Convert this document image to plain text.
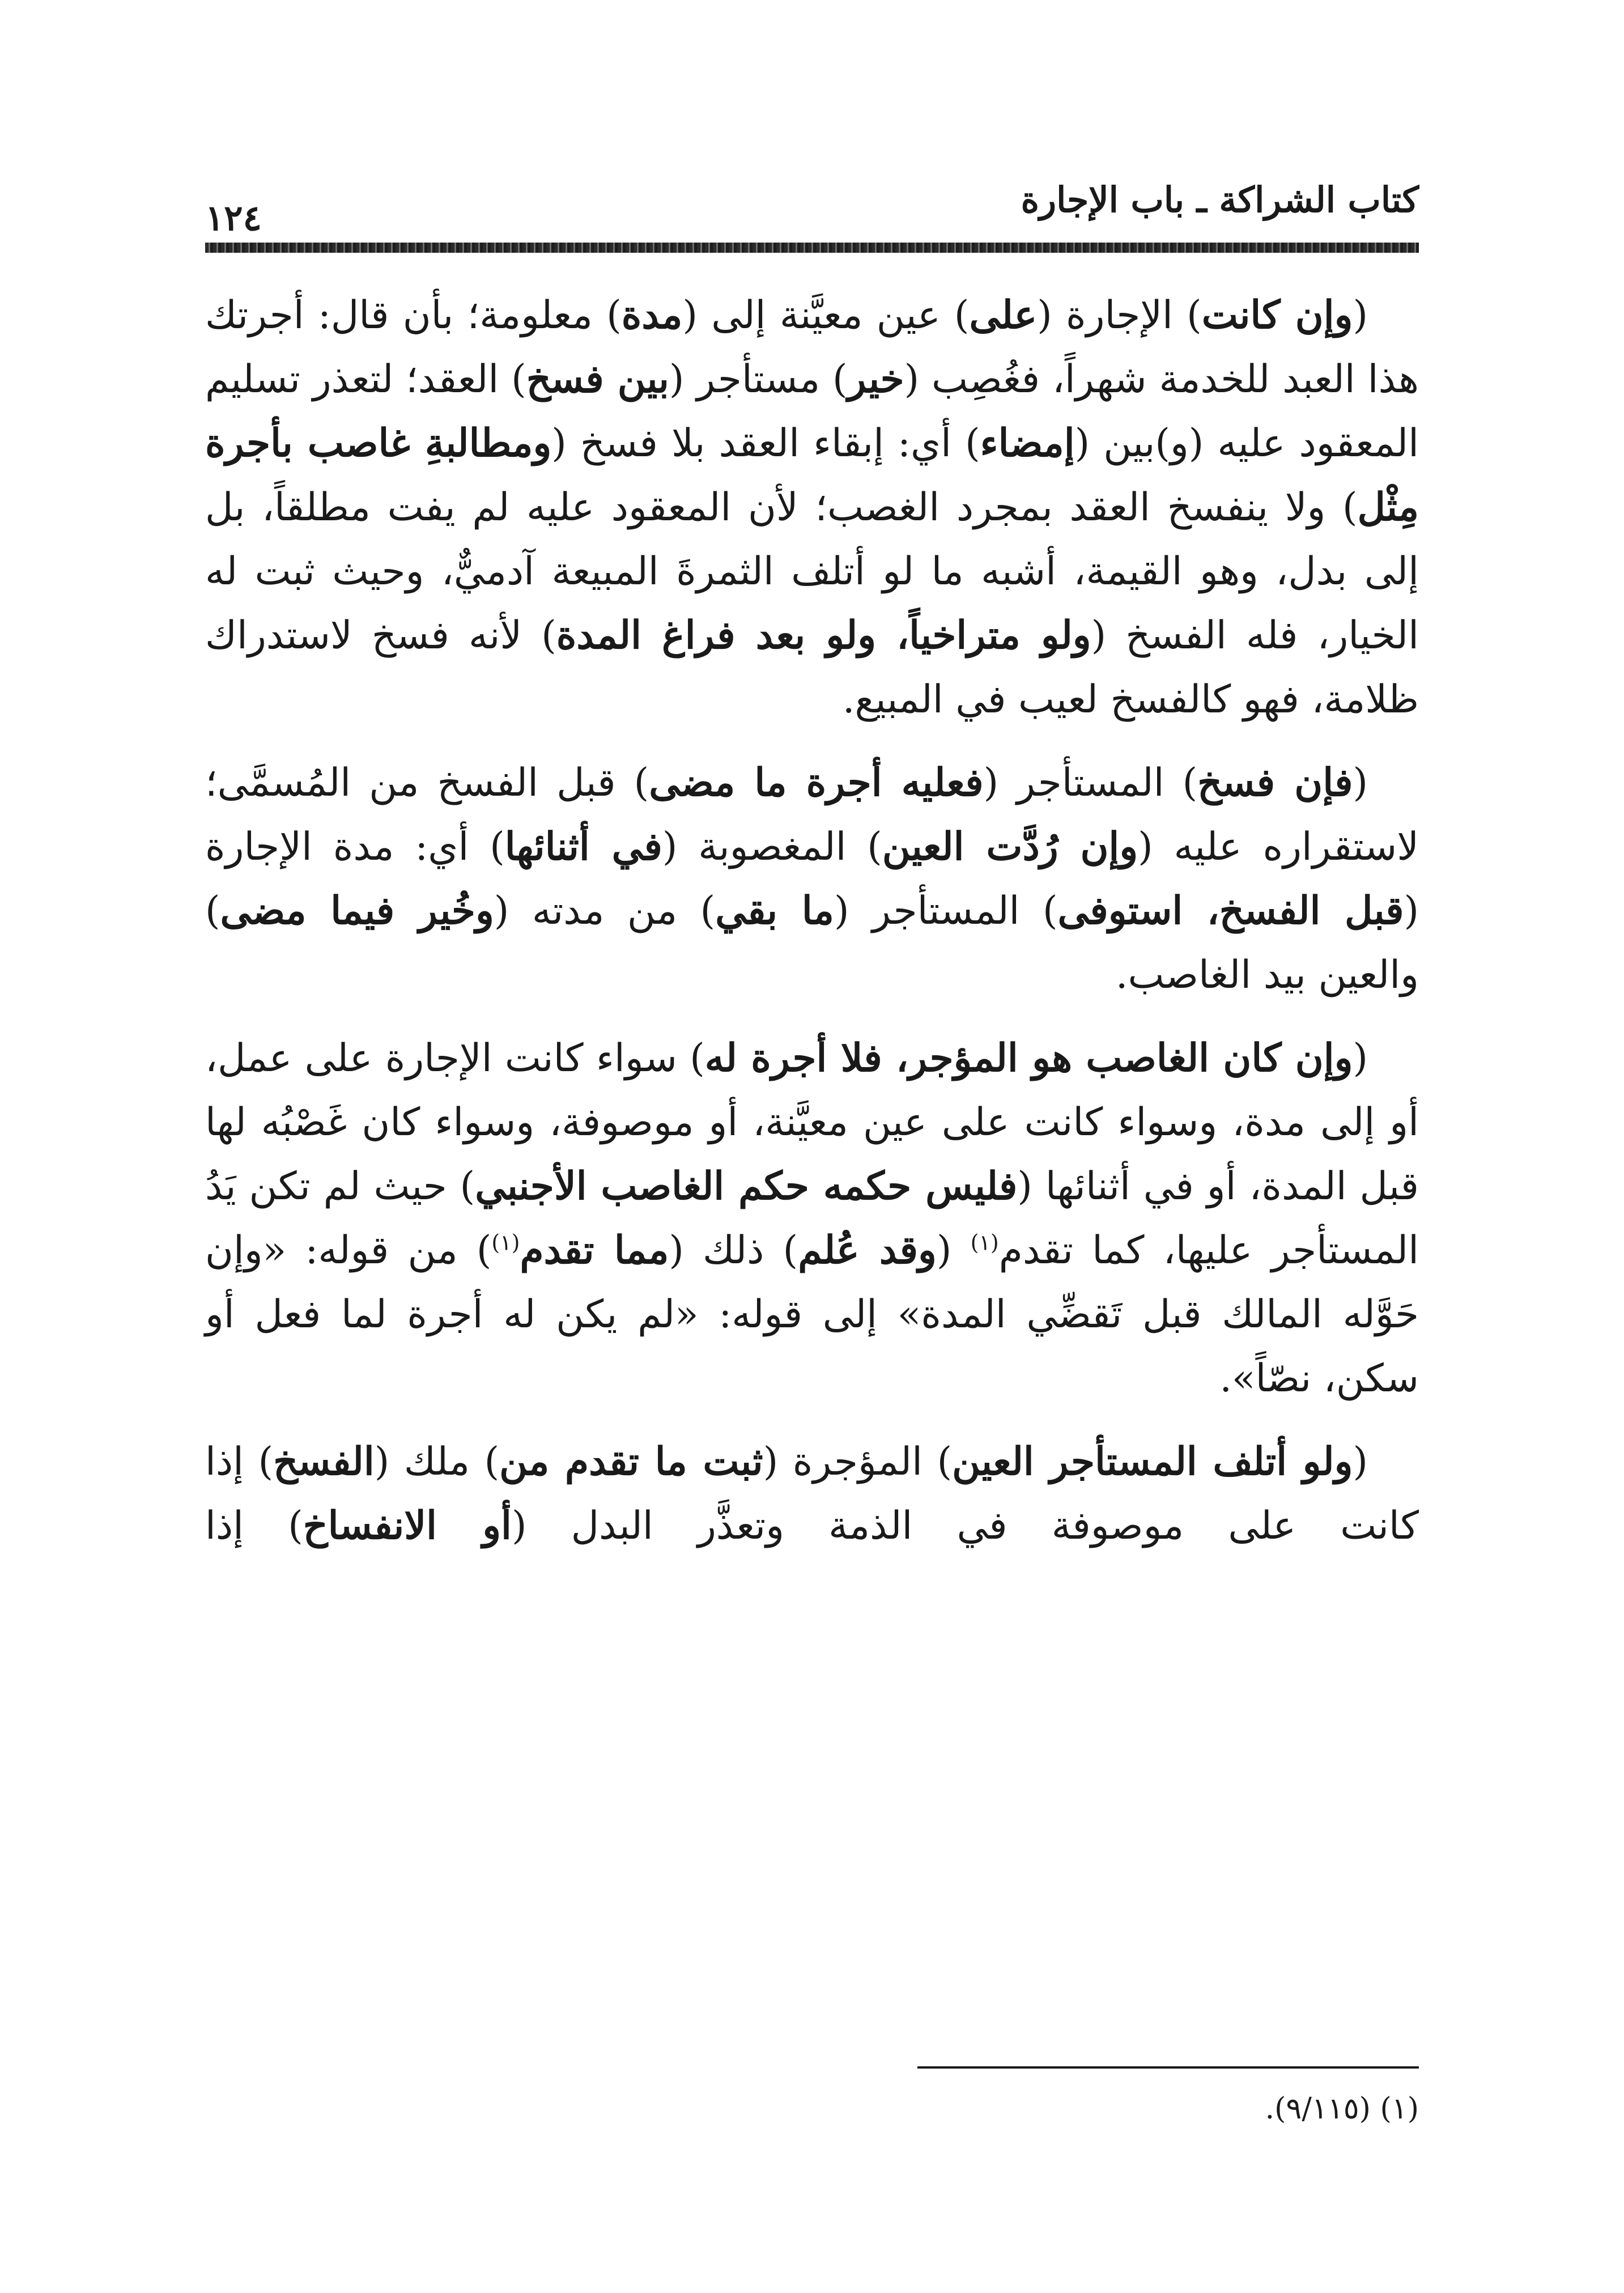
كتاب الشراكة ـ باب الإجارة
١٢٤

(وإن كانت) الإجارة (على) عين معيَّنة إلى (مدة) معلومة؛ بأن قال: أجرتك هذا العبد للخدمة شهراً، فغُصِب (خير) مستأجر (بين فسخ) العقد؛ لتعذر تسليم المعقود عليه (و)بين (إمضاء) أي: إبقاء العقد بلا فسخ (ومطالبةِ غاصب بأجرة مِثْل) ولا ينفسخ العقد بمجرد الغصب؛ لأن المعقود عليه لم يفت مطلقاً، بل إلى بدل، وهو القيمة، أشبه ما لو أتلف الثمرةَ المبيعة آدميٌّ، وحيث ثبت له الخيار، فله الفسخ (ولو متراخياً، ولو بعد فراغ المدة) لأنه فسخ لاستدراك ظلامة، فهو كالفسخ لعيب في المبيع.

(فإن فسخ) المستأجر (فعليه أجرة ما مضى) قبل الفسخ من المُسمَّى؛ لاستقراره عليه (وإن رُدَّت العين) المغصوبة (في أثنائها) أي: مدة الإجارة (قبل الفسخ، استوفى) المستأجر (ما بقي) من مدته (وخُير فيما مضى) والعين بيد الغاصب.

(وإن كان الغاصب هو المؤجر، فلا أجرة له) سواء كانت الإجارة على عمل، أو إلى مدة، وسواء كانت على عين معيَّنة، أو موصوفة، وسواء كان غَصْبُه لها قبل المدة، أو في أثنائها (فليس حكمه حكم الغاصب الأجنبي) حيث لم تكن يَدُ المستأجر عليها، كما تقدم$^{(١)}$ (وقد عُلم) ذلك (مما تقدم$^{(١)}$) من قوله: «وإن حَوَّله المالك قبل تَقضِّي المدة» إلى قوله: «لم يكن له أجرة لما فعل أو سكن، نصّاً».

(ولو أتلف المستأجر العين) المؤجرة (ثبت ما تقدم من) ملك (الفسخ) إذا كانت على موصوفة في الذمة وتعذَّر البدل (أو الانفساخ) إذا

(١) (٩/١١٥).
